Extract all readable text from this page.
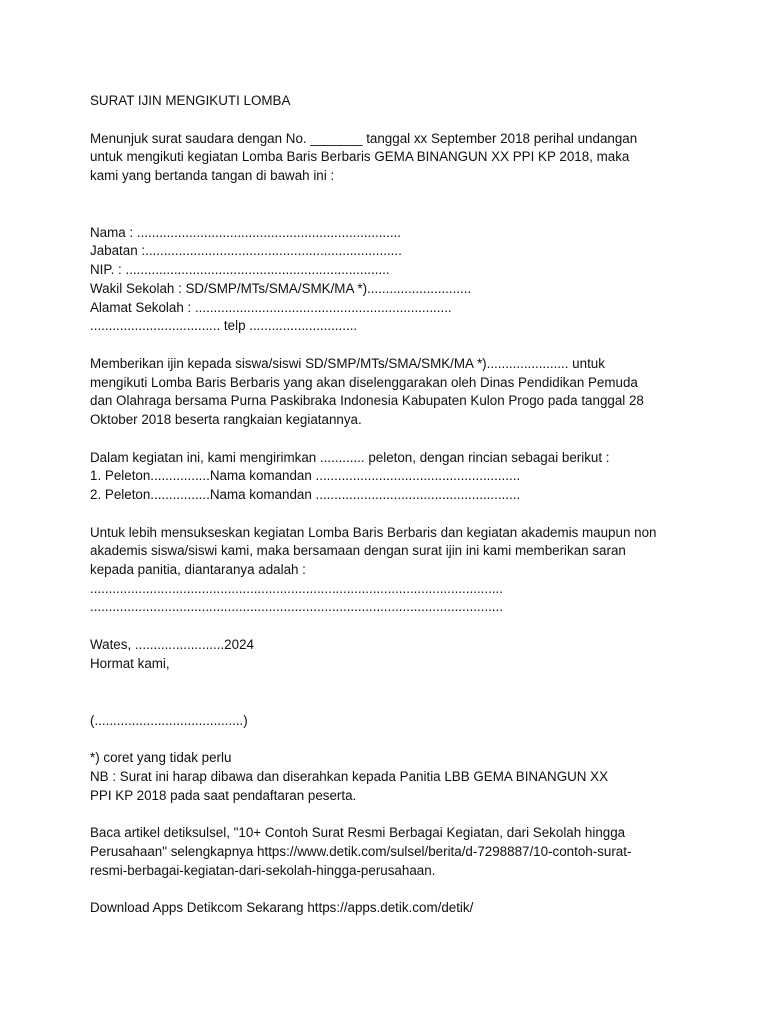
SURAT IJIN MENGIKUTI LOMBA
Menunjuk surat saudara dengan No. _______ tanggal xx September 2018 perihal undangan
untuk mengikuti kegiatan Lomba Baris Berbaris GEMA BINANGUN XX PPI KP 2018, maka
kami yang bertanda tangan di bawah ini :
Nama : .......................................................................
Jabatan :.....................................................................
NIP. : .......................................................................
Wakil Sekolah : SD/SMP/MTs/SMA/SMK/MA *)............................
Alamat Sekolah : .....................................................................
................................... telp .............................
Memberikan ijin kepada siswa/siswi SD/SMP/MTs/SMA/SMK/MA *)...................... untuk
mengikuti Lomba Baris Berbaris yang akan diselenggarakan oleh Dinas Pendidikan Pemuda
dan Olahraga bersama Purna Paskibraka Indonesia Kabupaten Kulon Progo pada tanggal 28
Oktober 2018 beserta rangkaian kegiatannya.
Dalam kegiatan ini, kami mengirimkan ............ peleton, dengan rincian sebagai berikut :
1. Peleton................Nama komandan .......................................................
2. Peleton................Nama komandan .......................................................
Untuk lebih mensukseskan kegiatan Lomba Baris Berbaris dan kegiatan akademis maupun non
akademis siswa/siswi kami, maka bersamaan dengan surat ijin ini kami memberikan saran
kepada panitia, diantaranya adalah :
...............................................................................................................
...............................................................................................................
Wates, ........................2024
Hormat kami,
(........................................)
*) coret yang tidak perlu
NB : Surat ini harap dibawa dan diserahkan kepada Panitia LBB GEMA BINANGUN XX
PPI KP 2018 pada saat pendaftaran peserta.
Baca artikel detiksulsel, "10+ Contoh Surat Resmi Berbagai Kegiatan, dari Sekolah hingga
Perusahaan" selengkapnya https://www.detik.com/sulsel/berita/d-7298887/10-contoh-surat-
resmi-berbagai-kegiatan-dari-sekolah-hingga-perusahaan.
Download Apps Detikcom Sekarang https://apps.detik.com/detik/
